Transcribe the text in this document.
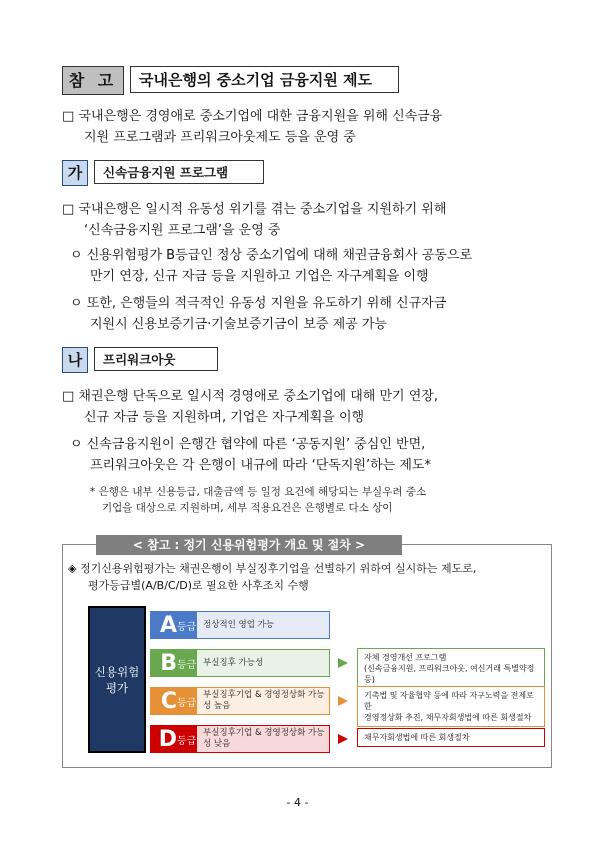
참 고	국내은행의 중소기업 금융지원 제도
□ 국내은행은 경영애로 중소기업에 대한 금융지원을 위해 신속금융
지원 프로그램과 프리워크아웃제도 등을 운영 중
가	신속금융지원 프로그램
□ 국내은행은 일시적 유동성 위기를 겪는 중소기업을 지원하기 위해
‘신속금융지원 프로그램’을 운영 중
ㅇ 신용위험평가 B등급인 정상 중소기업에 대해 채권금융회사 공동으로
만기 연장, 신규 자금 등을 지원하고 기업은 자구계획을 이행
ㅇ 또한, 은행들의 적극적인 유동성 지원을 유도하기 위해 신규자금
지원시 신용보증기금·기술보증기금이 보증 제공 가능
나	프리워크아웃
□ 채권은행 단독으로 일시적 경영애로 중소기업에 대해 만기 연장,
신규 자금 등을 지원하며, 기업은 자구계획을 이행
ㅇ 신속금융지원이 은행간 협약에 따른 ‘공동지원’ 중심인 반면,
프리워크아웃은 각 은행이 내규에 따라 ‘단독지원’하는 제도*
* 은행은 내부 신용등급, 대출금액 등 일정 요건에 해당되는 부실우려 중소
기업을 대상으로 지원하며, 세부 적용요건은 은행별로 다소 상이
< 참고 : 정기 신용위험평가 개요 및 절차 >
◈ 정기신용위험평가는 채권은행이 부실징후기업을 선별하기 위하여 실시하는 제도로,
평가등급별(A/B/C/D)로 필요한 사후조치 수행
신용위험
평가
A 등급 정상적인 영업 가능
B 등급 부실징후 가능성
C 등급
부실징후기업 & 경영정상화 가능성 높음
D 등급
부실징후기업 & 경영정상화 가능성 낮음
자체 경영개선 프로그램
(신속금융지원, 프리워크아웃, 여신거래 특별약정 등)
기촉법 및 자율협약 등에 따라 자구노력을 전제로 한
경영정상화 추진, 채무자회생법에 따른 회생절차
채무자회생법에 따른 회생절차
- 4 -
